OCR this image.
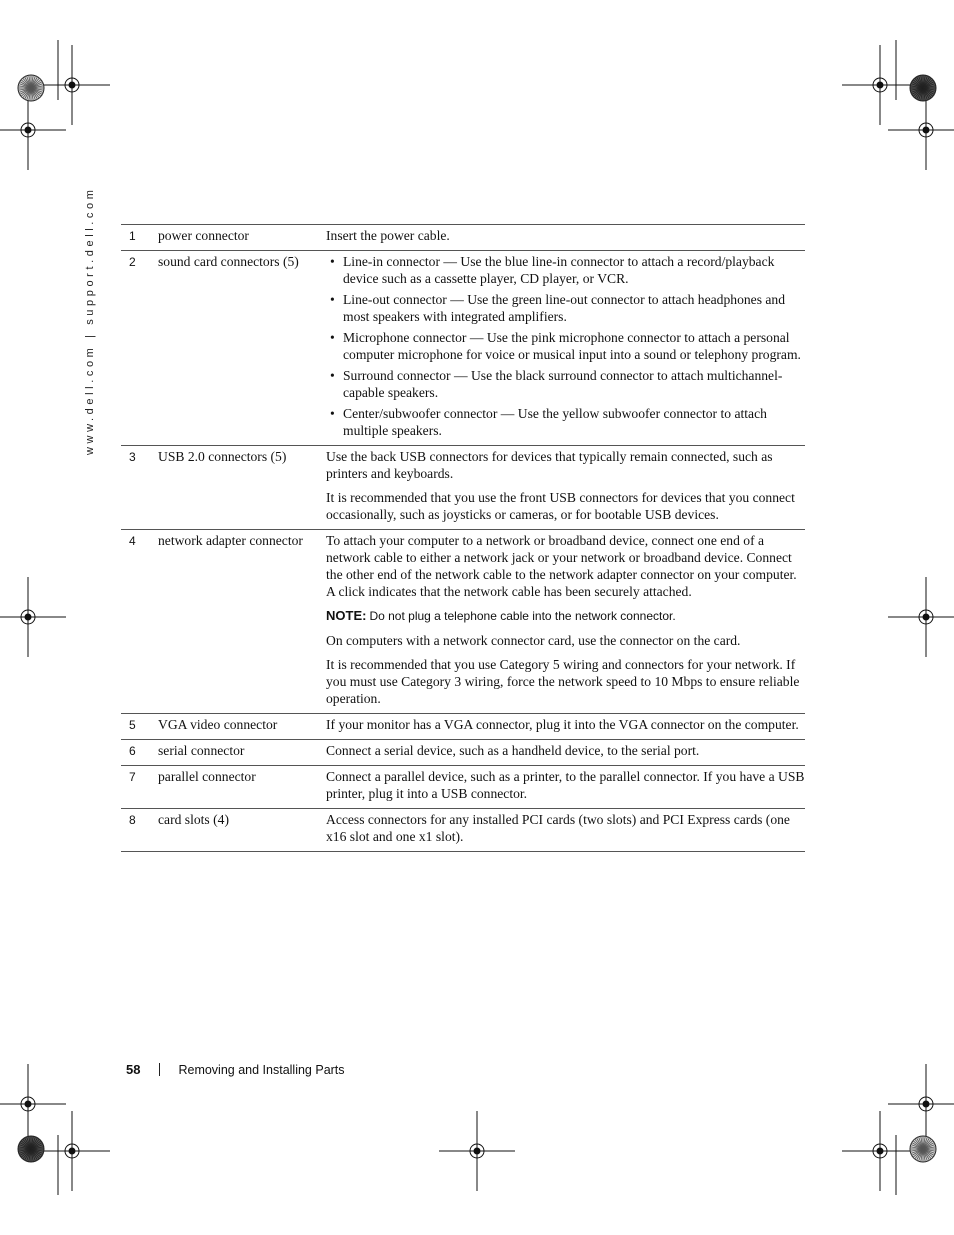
www.dell.com | support.dell.com	1	power connector	Insert the power cable.
2	sound card connectors (5)
•	Line-in connector — Use the blue line-in connector to attach a record/playback device such as a cassette player, CD player, or VCR.
• Line-out connector — Use the green line-out connector to attach headphones and most speakers with integrated amplifiers.
• Microphone connector — Use the pink microphone connector to attach a personal computer microphone for voice or musical input into a sound or telephony program.
• Surround connector — Use the black surround connector to attach multichannel-capable speakers.
• Center/subwoofer connector — Use the yellow subwoofer connector to attach multiple speakers.
3	USB 2.0 connectors (5)	Use the back USB connectors for devices that typically remain connected, such as printers and keyboards.
It is recommended that you use the front USB connectors for devices that you connect occasionally, such as joysticks or cameras, or for bootable USB devices.
4	network adapter connector	To attach your computer to a network or broadband device, connect one end of a network cable to either a network jack or your network or broadband device. Connect the other end of the network cable to the network adapter connector on your computer. A click indicates that the network cable has been securely attached.
NOTE: Do not plug a telephone cable into the network connector.
On computers with a network connector card, use the connector on the card.
It is recommended that you use Category 5 wiring and connectors for your network. If you must use Category 3 wiring, force the network speed to 10 Mbps to ensure reliable operation.
5	VGA video connector	If your monitor has a VGA connector, plug it into the VGA connector on the computer.
6	serial connector	Connect a serial device, such as a handheld device, to the serial port.
7	parallel connector	Connect a parallel device, such as a printer, to the parallel connector. If you have a USB printer, plug it into a USB connector.
8	card slots (4)	Access connectors for any installed PCI cards (two slots) and PCI Express cards (one x16 slot and one x1 slot).
58	Removing and Installing Parts
